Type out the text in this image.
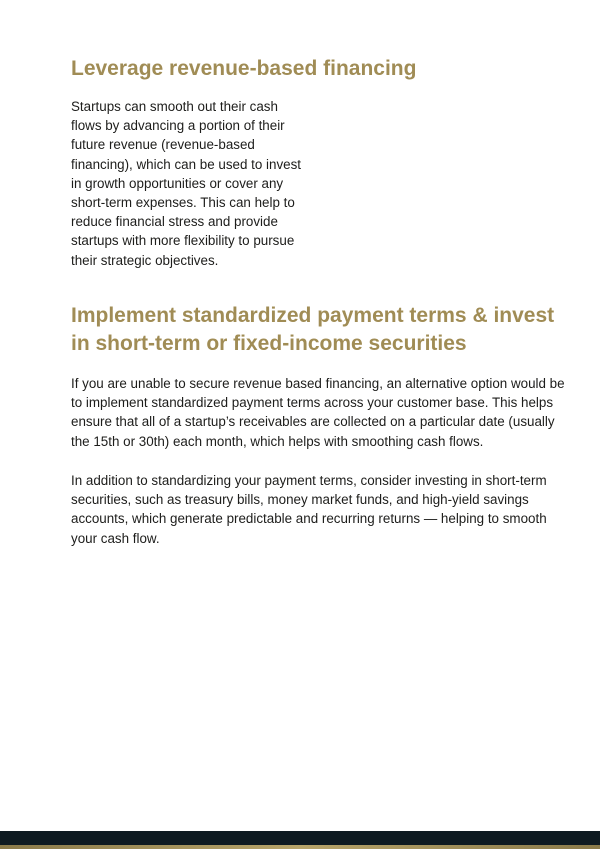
Leverage revenue-based financing

Startups can smooth out their cash flows by advancing a portion of their future revenue (revenue-based financing), which can be used to invest in growth opportunities or cover any short-term expenses. This can help to reduce financial stress and provide startups with more flexibility to pursue their strategic objectives.

Implement standardized payment terms & invest in short-term or fixed-income securities

If you are unable to secure revenue based financing, an alternative option would be to implement standardized payment terms across your customer base. This helps ensure that all of a startup’s receivables are collected on a particular date (usually the 15th or 30th) each month, which helps with smoothing cash flows.

In addition to standardizing your payment terms, consider investing in short-term securities, such as treasury bills, money market funds, and high-yield savings accounts, which generate predictable and recurring returns — helping to smooth your cash flow.
